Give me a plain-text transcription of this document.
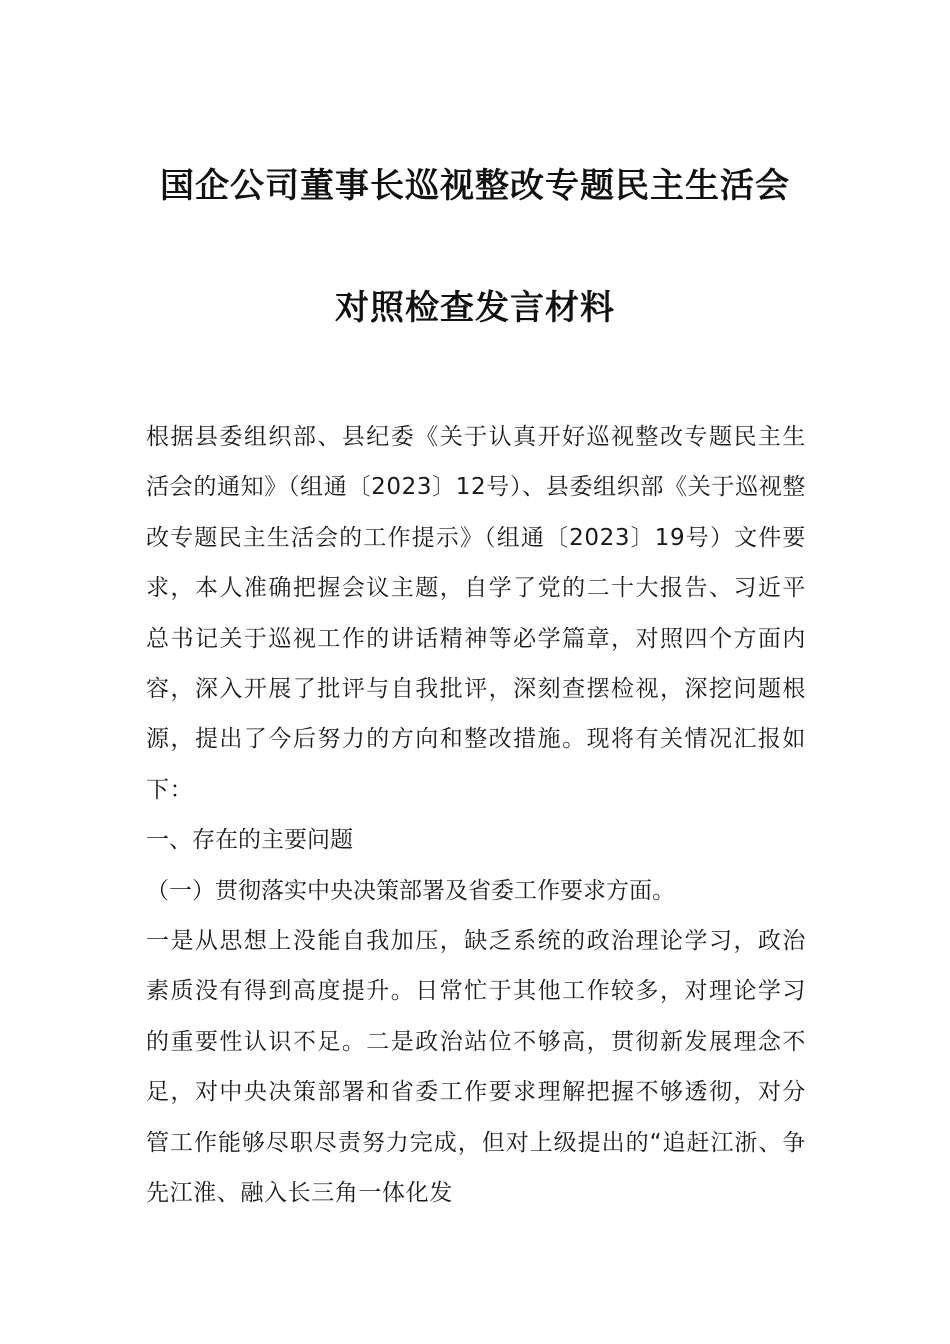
国企公司董事长巡视整改专题民主生活会
对照检查发言材料

根据县委组织部、县纪委《关于认真开好巡视整改专题民主生活会的通知》（组通〔2023〕12号）、县委组织部《关于巡视整改专题民主生活会的工作提示》（组通〔2023〕19号）文件要求，本人准确把握会议主题，自学了党的二十大报告、习近平总书记关于巡视工作的讲话精神等必学篇章，对照四个方面内容，深入开展了批评与自我批评，深刻查摆检视，深挖问题根源，提出了今后努力的方向和整改措施。现将有关情况汇报如下：

一、存在的主要问题

（一）贯彻落实中央决策部署及省委工作要求方面。

一是从思想上没能自我加压，缺乏系统的政治理论学习，政治素质没有得到高度提升。日常忙于其他工作较多，对理论学习的重要性认识不足。二是政治站位不够高，贯彻新发展理念不足，对中央决策部署和省委工作要求理解把握不够透彻，对分管工作能够尽职尽责努力完成，但对上级提出的“追赶江浙、争先江淮、融入长三角一体化发
